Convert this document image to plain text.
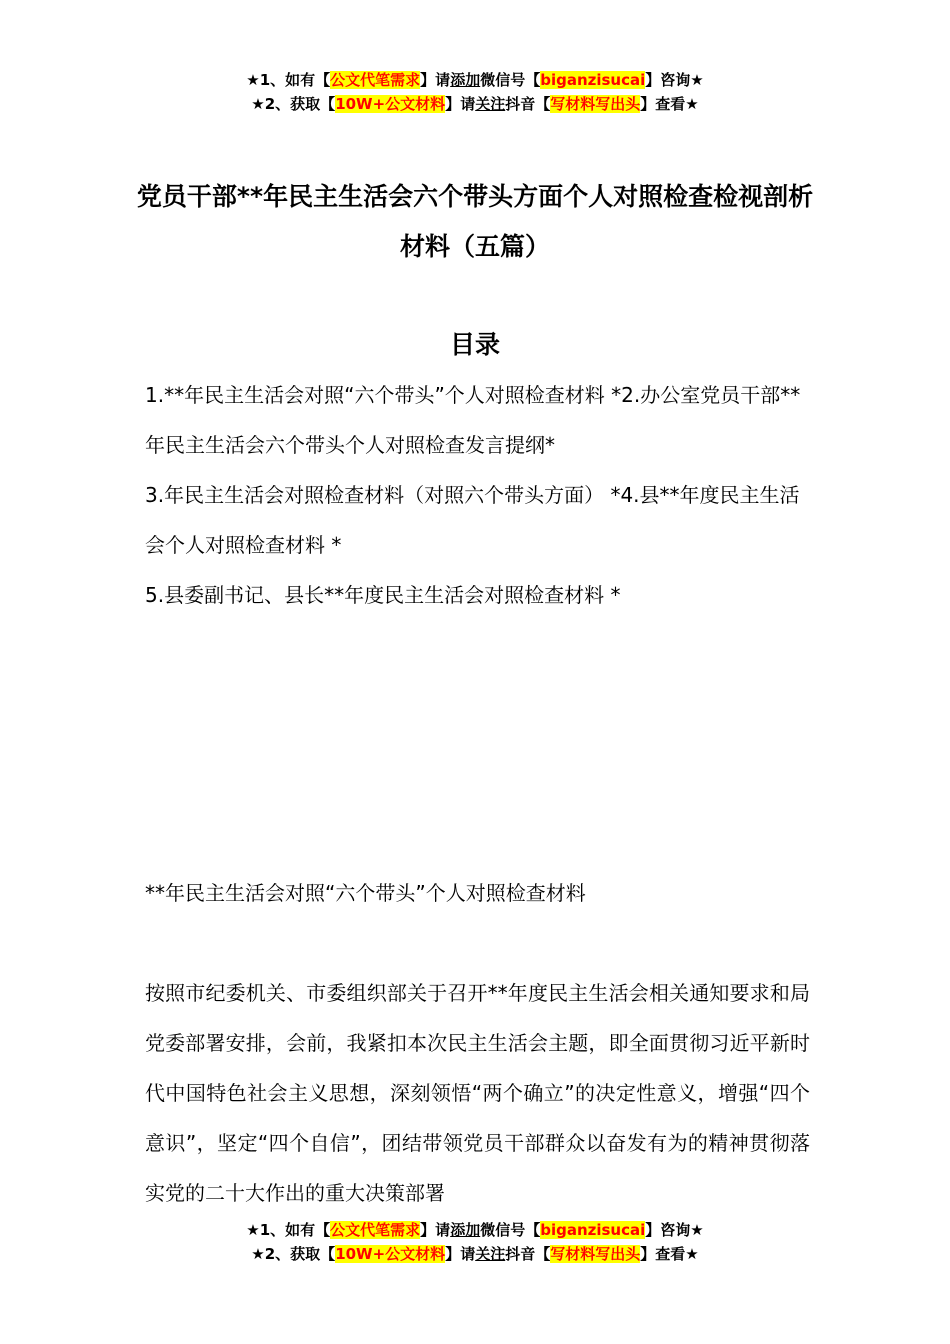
★1、如有【公文代笔需求】请添加微信号【biganzisucai】咨询★
★2、获取【10W+公文材料】请关注抖音【写材料写出头】查看★
党员干部**年民主生活会六个带头方面个人对照检查检视剖析材料（五篇）
目录

1.**年民主生活会对照“六个带头”个人对照检查材料 *2.办公室党员干部**年民主生活会六个带头个人对照检查发言提纲*

3.年民主生活会对照检查材料（对照六个带头方面） *4.县**年度民主生活会个人对照检查材料 *

5.县委副书记、县长**年度民主生活会对照检查材料 *

**年民主生活会对照“六个带头”个人对照检查材料

按照市纪委机关、市委组织部关于召开**年度民主生活会相关通知要求和局党委部署安排，会前，我紧扣本次民主生活会主题，即全面贯彻习近平新时代中国特色社会主义思想，深刻领悟“两个确立”的决定性意义，增强“四个意识”，坚定“四个自信”，团结带领党员干部群众以奋发有为的精神贯彻落实党的二十大作出的重大决策部署

★1、如有【公文代笔需求】请添加微信号【biganzisucai】咨询★
★2、获取【10W+公文材料】请关注抖音【写材料写出头】查看★
